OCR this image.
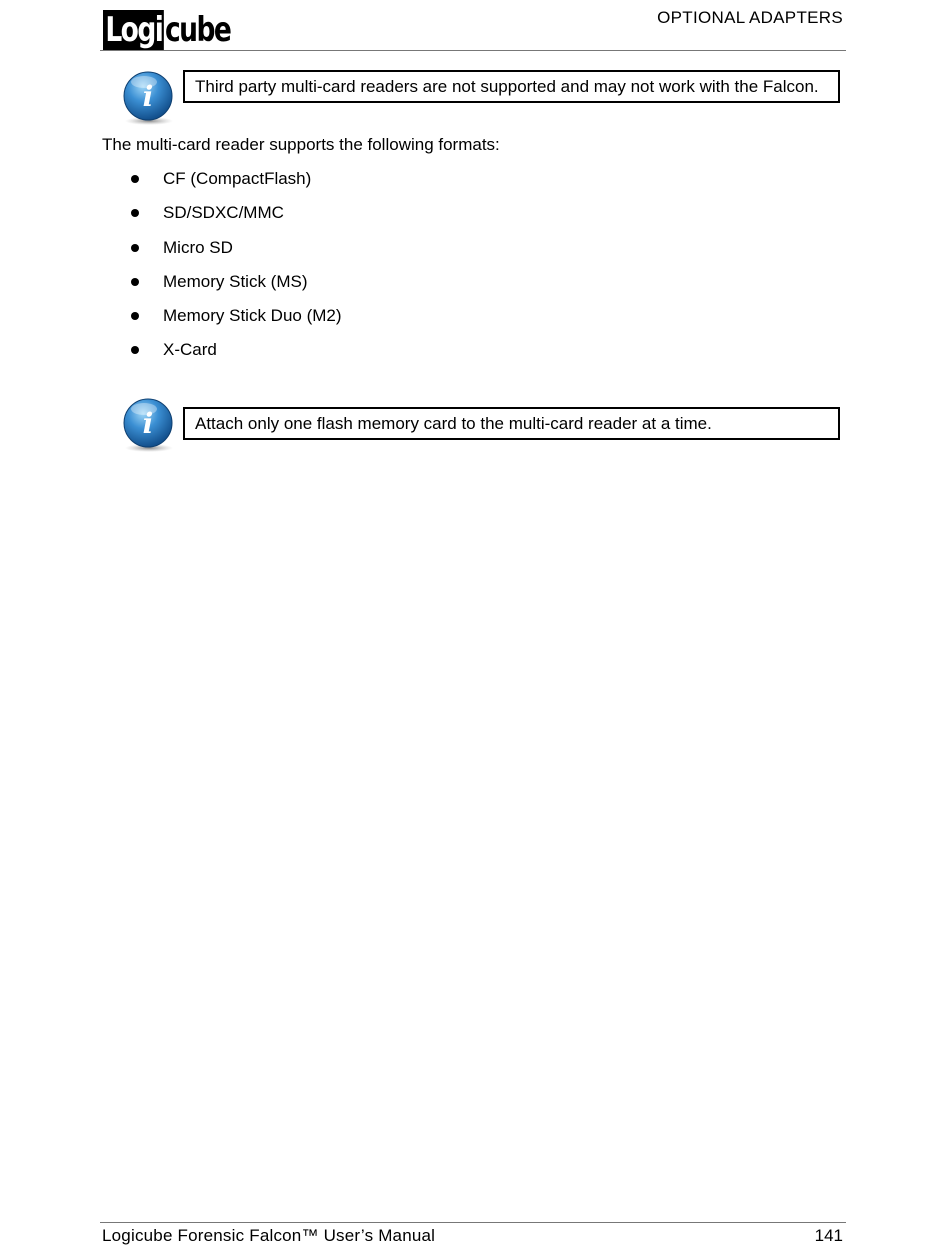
Logi cube	OPTIONAL ADAPTERS
i	Third party multi-card readers are not supported and may not work with the Falcon.
The multi-card reader supports the following formats:
CF (CompactFlash)
SD/SDXC/MMC
Micro SD
Memory Stick (MS)
Memory Stick Duo (M2)
X-Card
i	Attach only one flash memory card to the multi-card reader at a time.
Logicube Forensic Falcon™ User’s Manual	141
